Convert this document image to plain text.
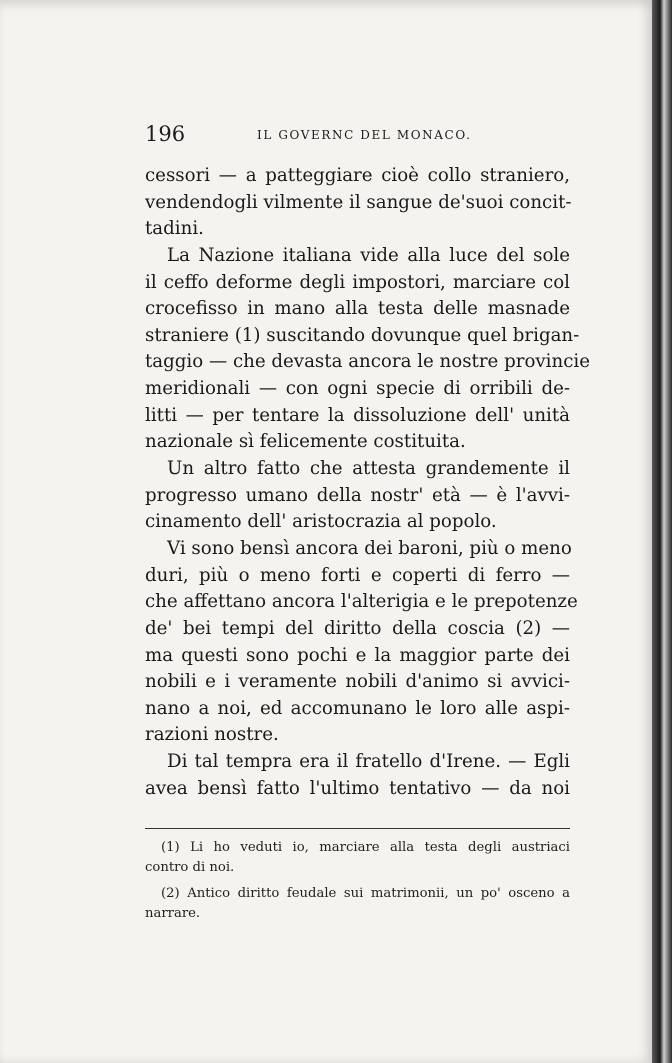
196	IL GOVERNC DEL MONACO.
cessori — a patteggiare cioè collo straniero,
vendendogli vilmente il sangue de'suoi concit-
tadini.
La Nazione italiana vide alla luce del sole
il ceffo deforme degli impostori, marciare col
crocefisso in mano alla testa delle masnade
straniere (1) suscitando dovunque quel brigan-
taggio — che devasta ancora le nostre provincie
meridionali — con ogni specie di orribili de-
litti — per tentare la dissoluzione dell' unità
nazionale sì felicemente costituita.
Un altro fatto che attesta grandemente il
progresso umano della nostr' età — è l'avvi-
cinamento dell' aristocrazia al popolo.
Vi sono bensì ancora dei baroni, più o meno
duri, più o meno forti e coperti di ferro —
che affettano ancora l'alterigia e le prepotenze
de' bei tempi del diritto della coscia (2) —
ma questi sono pochi e la maggior parte dei
nobili e i veramente nobili d'animo si avvici-
nano a noi, ed accomunano le loro alle aspi-
razioni nostre.
Di tal tempra era il fratello d'Irene. — Egli
avea bensì fatto l'ultimo tentativo — da noi
(1) Li ho veduti io, marciare alla testa degli austriaci
contro di noi.
(2) Antico diritto feudale sui matrimonii, un po' osceno a
narrare.
